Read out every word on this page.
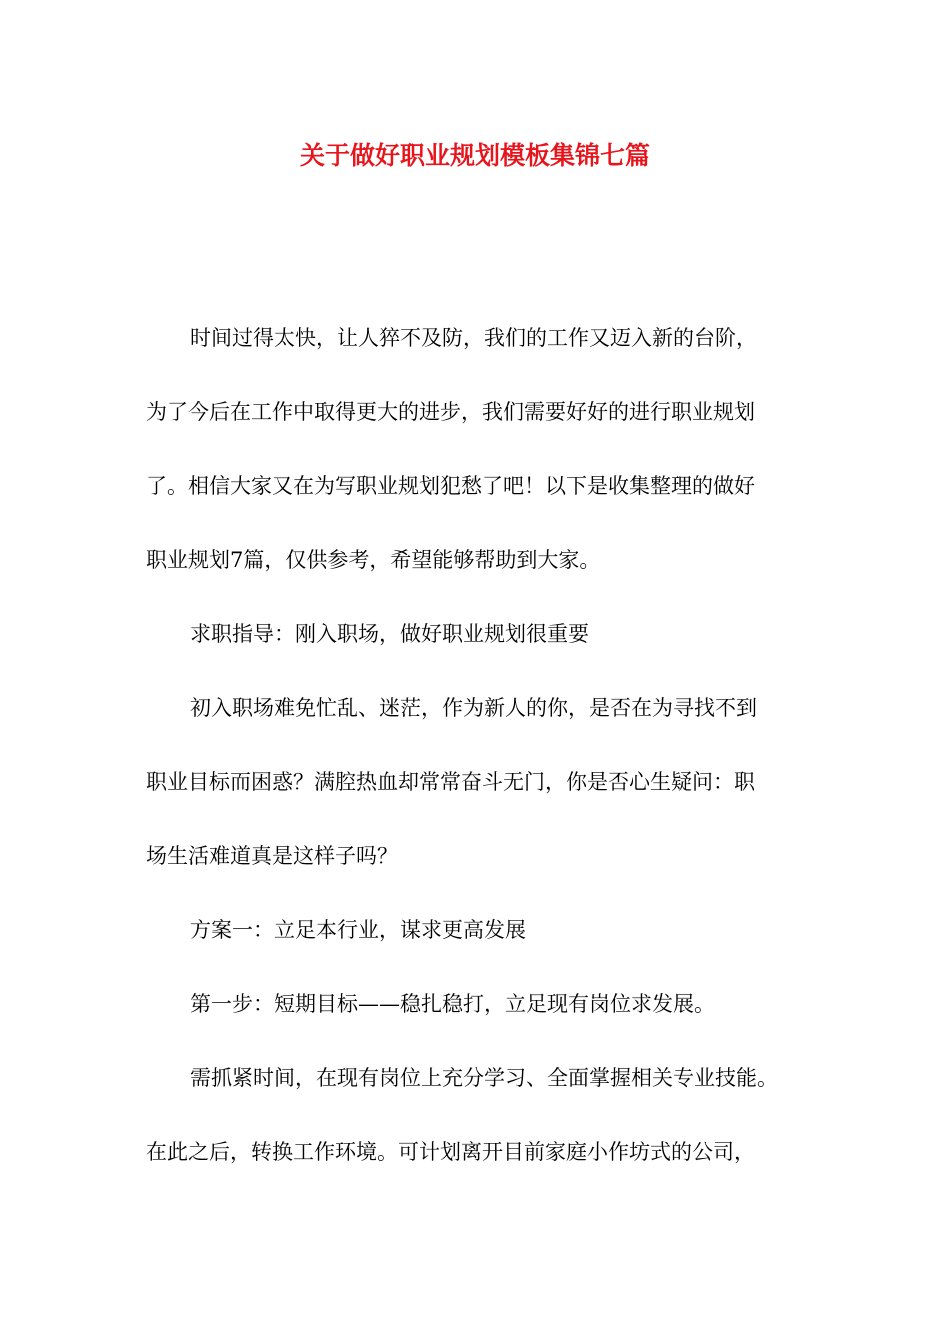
关于做好职业规划模板集锦七篇
时间过得太快，让人猝不及防，我们的工作又迈入新的台阶，
为了今后在工作中取得更大的进步，我们需要好好的进行职业规划
了。相信大家又在为写职业规划犯愁了吧！以下是收集整理的做好
职业规划7篇，仅供参考，希望能够帮助到大家。
求职指导：刚入职场，做好职业规划很重要
初入职场难免忙乱、迷茫，作为新人的你，是否在为寻找不到
职业目标而困惑？满腔热血却常常奋斗无门，你是否心生疑问：职
场生活难道真是这样子吗？
方案一：立足本行业，谋求更高发展
第一步：短期目标——稳扎稳打，立足现有岗位求发展。
需抓紧时间，在现有岗位上充分学习、全面掌握相关专业技能。
在此之后，转换工作环境。可计划离开目前家庭小作坊式的公司，
